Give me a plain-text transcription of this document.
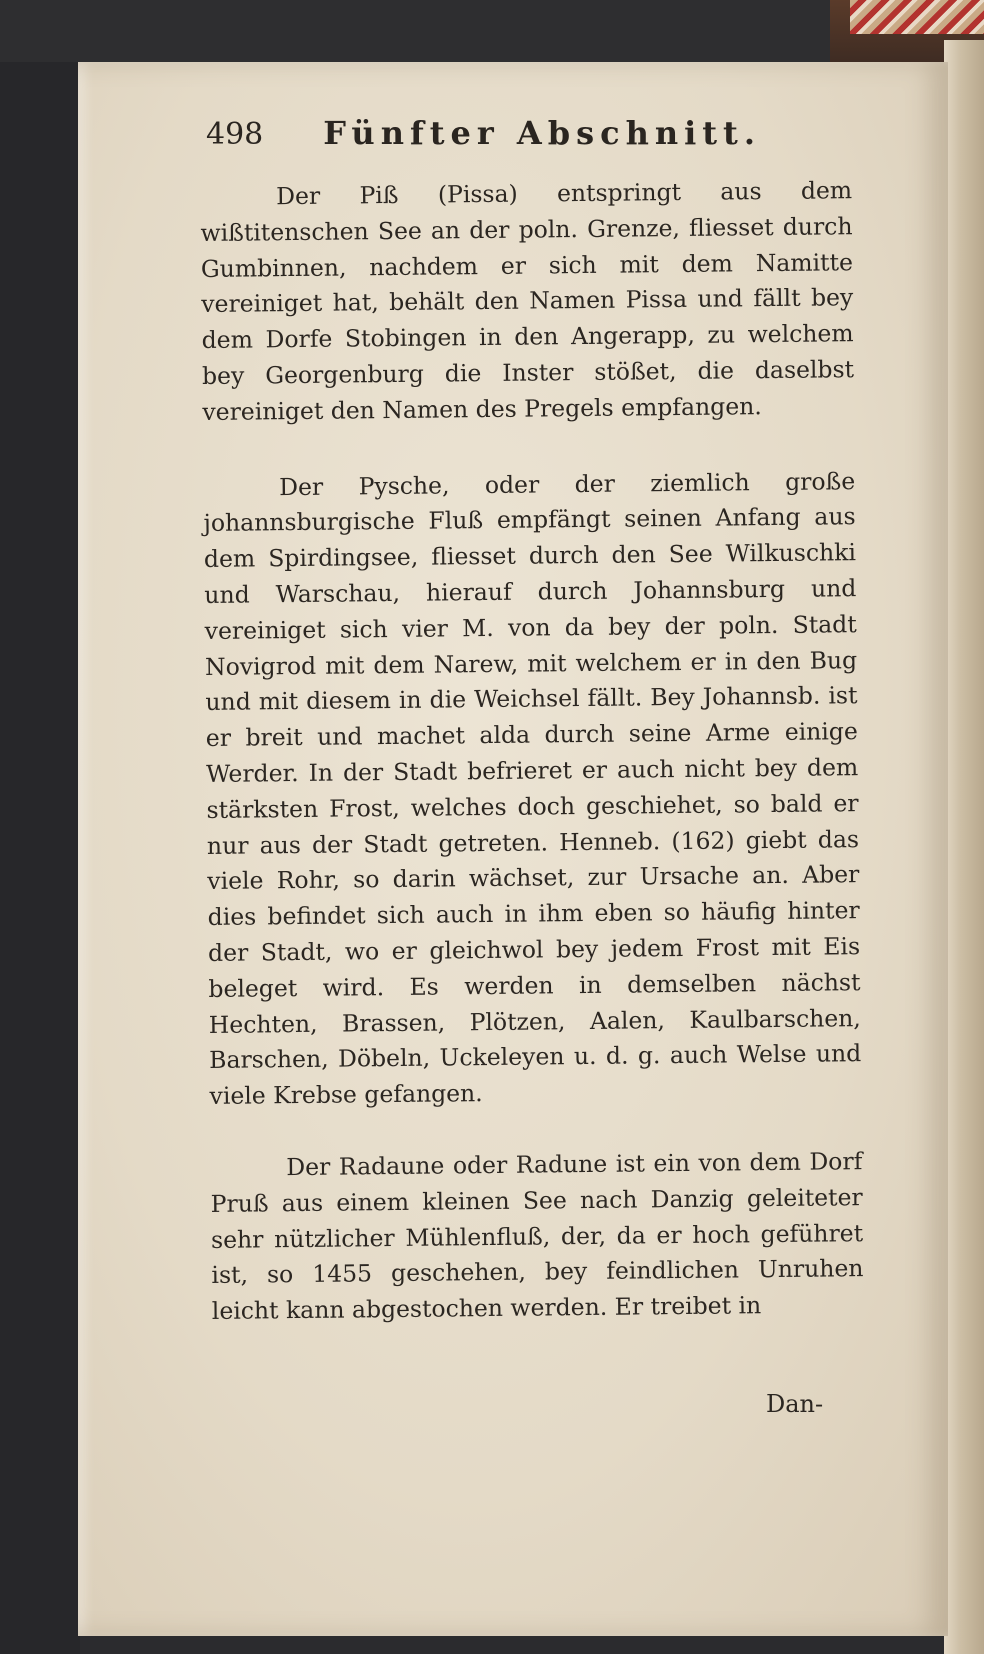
498 Fünfter Abschnitt.

Der Piß (Pissa) entspringt aus dem wißtitenschen See an der poln. Grenze, fliesset durch Gumbinnen, nachdem er sich mit dem Namitte vereiniget hat, behält den Namen Pissa und fällt bey dem Dorfe Stobingen in den Angerapp, zu welchem bey Georgenburg die Inster stößet, die daselbst vereiniget den Namen des Pregels empfangen.

Der Pysche, oder der ziemlich große johannsburgische Fluß empfängt seinen Anfang aus dem Spirdingsee, fliesset durch den See Wilkuschki und Warschau, hierauf durch Johannsburg und vereiniget sich vier M. von da bey der poln. Stadt Novigrod mit dem Narew, mit welchem er in den Bug und mit diesem in die Weichsel fällt. Bey Johannsb. ist er breit und machet alda durch seine Arme einige Werder. In der Stadt befrieret er auch nicht bey dem stärksten Frost, welches doch geschiehet, so bald er nur aus der Stadt getreten. Henneb. (162) giebt das viele Rohr, so darin wächset, zur Ursache an. Aber dies befindet sich auch in ihm eben so häufig hinter der Stadt, wo er gleichwol bey jedem Frost mit Eis beleget wird. Es werden in demselben nächst Hechten, Brassen, Plötzen, Aalen, Kaulbarschen, Barschen, Döbeln, Uckeleyen u. d. g. auch Welse und viele Krebse gefangen.

Der Radaune oder Radune ist ein von dem Dorf Pruß aus einem kleinen See nach Danzig geleiteter sehr nützlicher Mühlenfluß, der, da er hoch geführet ist, so 1455 geschehen, bey feindlichen Unruhen leicht kann abgestochen werden. Er treibet in

Dan-
